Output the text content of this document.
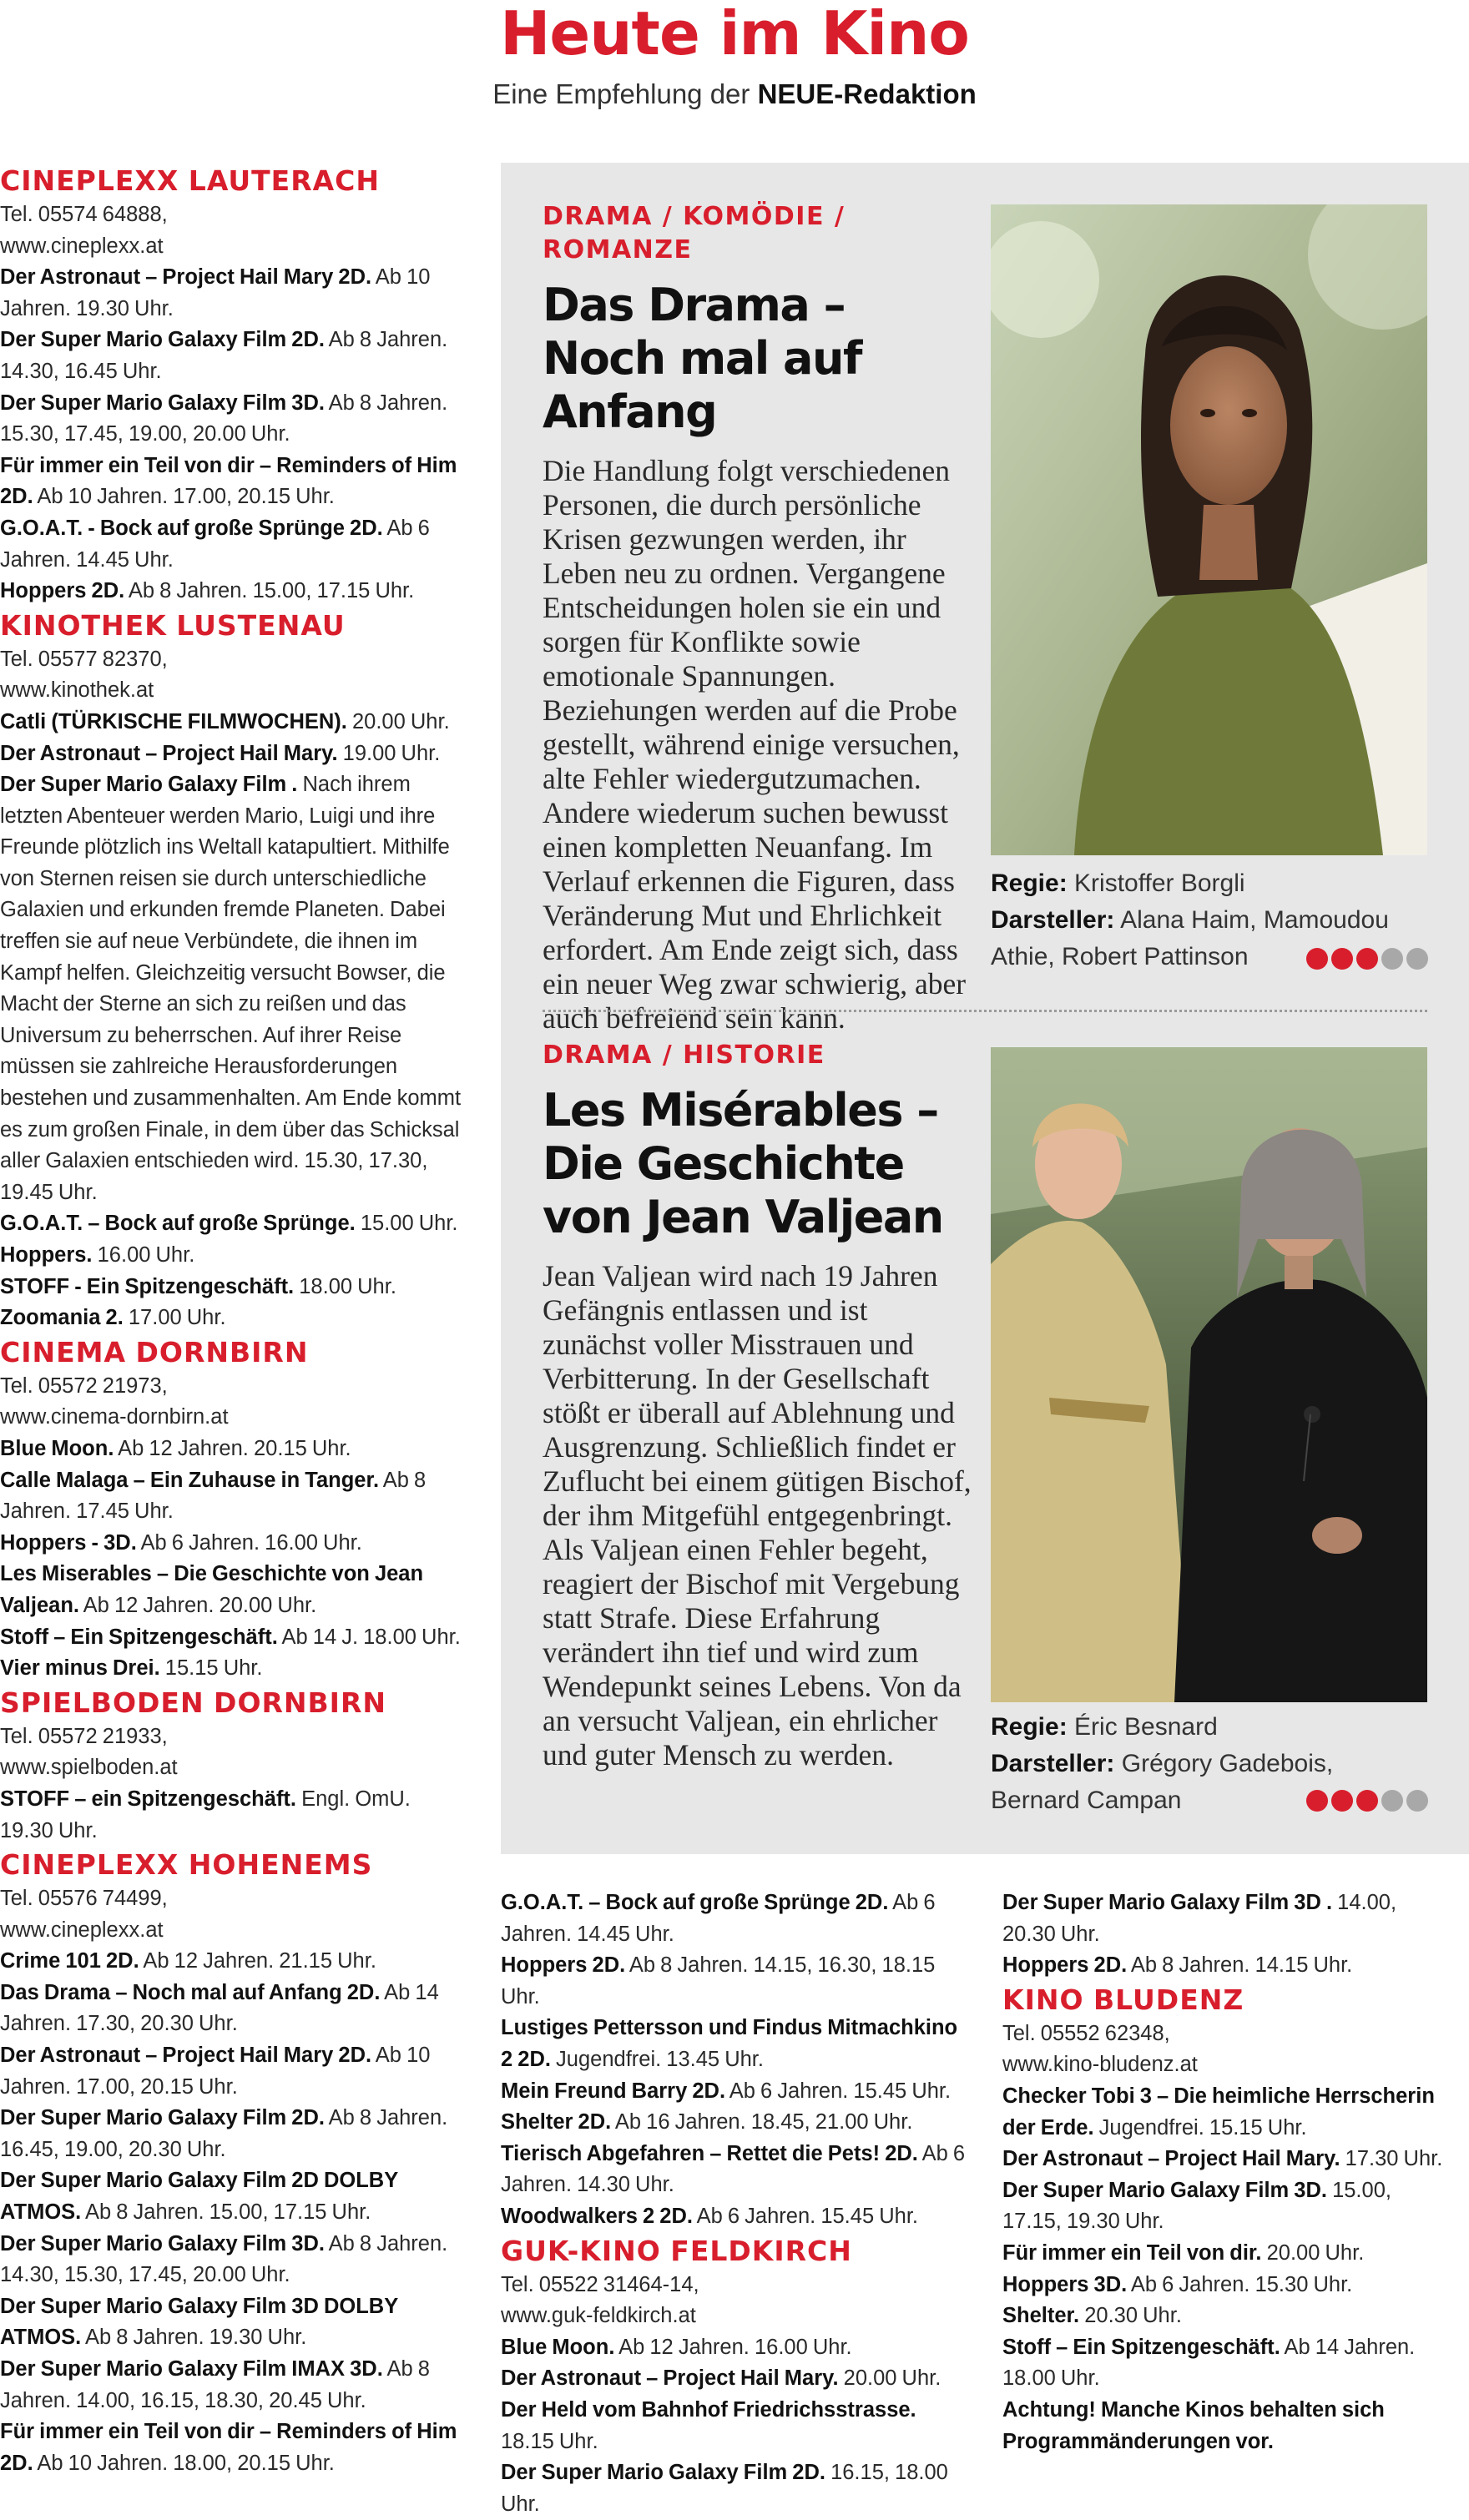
Heute im Kino
Eine Empfehlung der NEUE-Redaktion

CINEPLEXX LAUTERACH

Tel. 05574 64888,

www.cineplexx.at

Der Astronaut – Project Hail Mary 2D. Ab 10 Jahren. 19.30 Uhr.

Der Super Mario Galaxy Film 2D. Ab 8 Jahren. 14.30, 16.45 Uhr.

Der Super Mario Galaxy Film 3D. Ab 8 Jahren. 15.30, 17.45, 19.00, 20.00 Uhr.

Für immer ein Teil von dir – Reminders of Him 2D. Ab 10 Jahren. 17.00, 20.15 Uhr.

G.O.A.T. - Bock auf große Sprünge 2D. Ab 6 Jahren. 14.45 Uhr.

Hoppers 2D. Ab 8 Jahren. 15.00, 17.15 Uhr.

KINOTHEK LUSTENAU

Tel. 05577 82370,

www.kinothek.at

Catli (TÜRKISCHE FILMWOCHEN). 20.00 Uhr.

Der Astronaut – Project Hail Mary. 19.00 Uhr.

Der Super Mario Galaxy Film . Nach ihrem letzten Abenteuer werden Mario, Luigi und ihre Freunde plötzlich ins Weltall katapultiert. Mithilfe von Sternen reisen sie durch unterschiedliche Galaxien und erkunden fremde Planeten. Dabei treffen sie auf neue Verbündete, die ihnen im Kampf helfen. Gleichzeitig versucht Bowser, die Macht der Sterne an sich zu reißen und das Universum zu beherrschen. Auf ihrer Reise müssen sie zahlreiche Herausforderungen bestehen und zusammenhalten. Am Ende kommt es zum großen Finale, in dem über das Schicksal aller Galaxien entschieden wird. 15.30, 17.30, 19.45 Uhr.

G.O.A.T. – Bock auf große Sprünge. 15.00 Uhr.

Hoppers. 16.00 Uhr.

STOFF - Ein Spitzengeschäft. 18.00 Uhr.

Zoomania 2. 17.00 Uhr.

CINEMA DORNBIRN

Tel. 05572 21973,

www.cinema-dornbirn.at

Blue Moon. Ab 12 Jahren. 20.15 Uhr.

Calle Malaga – Ein Zuhause in Tanger. Ab 8 Jahren. 17.45 Uhr.

Hoppers - 3D. Ab 6 Jahren. 16.00 Uhr.

Les Miserables – Die Geschichte von Jean Valjean. Ab 12 Jahren. 20.00 Uhr.

Stoff – Ein Spitzengeschäft. Ab 14 J. 18.00 Uhr.

Vier minus Drei. 15.15 Uhr.

SPIELBODEN DORNBIRN

Tel. 05572 21933,

www.spielboden.at

STOFF – ein Spitzengeschäft. Engl. OmU. 19.30 Uhr.

CINEPLEXX HOHENEMS

Tel. 05576 74499,

www.cineplexx.at

Crime 101 2D. Ab 12 Jahren. 21.15 Uhr.

Das Drama – Noch mal auf Anfang 2D. Ab 14 Jahren. 17.30, 20.30 Uhr.

Der Astronaut – Project Hail Mary 2D. Ab 10 Jahren. 17.00, 20.15 Uhr.

Der Super Mario Galaxy Film 2D. Ab 8 Jahren. 16.45, 19.00, 20.30 Uhr.

Der Super Mario Galaxy Film 2D DOLBY ATMOS. Ab 8 Jahren. 15.00, 17.15 Uhr.

Der Super Mario Galaxy Film 3D. Ab 8 Jahren. 14.30, 15.30, 17.45, 20.00 Uhr.

Der Super Mario Galaxy Film 3D DOLBY ATMOS. Ab 8 Jahren. 19.30 Uhr.

Der Super Mario Galaxy Film IMAX 3D. Ab 8 Jahren. 14.00, 16.15, 18.30, 20.45 Uhr.

Für immer ein Teil von dir – Reminders of Him 2D. Ab 10 Jahren. 18.00, 20.15 Uhr.

DRAMA / KOMÖDIE / ROMANZE
Das Drama – Noch mal auf Anfang
Die Handlung folgt verschiedenen Personen, die durch persönliche Krisen gezwungen werden, ihr Leben neu zu ordnen. Vergangene Entscheidungen holen sie ein und sorgen für Konflikte sowie emotionale Spannungen. Beziehungen werden auf die Probe gestellt, während einige versuchen, alte Fehler wiedergutzumachen. Andere wiederum suchen bewusst einen kompletten Neuanfang. Im Verlauf erkennen die Figuren, dass Veränderung Mut und Ehrlichkeit erfordert. Am Ende zeigt sich, dass ein neuer Weg zwar schwierig, aber auch befreiend sein kann.
Regie: Kristoffer Borgli
Darsteller: Alana Haim, Mamoudou Athie, Robert Pattinson
DRAMA / HISTORIE
Les Misérables – Die Geschichte von Jean Valjean
Jean Valjean wird nach 19 Jahren Gefängnis entlassen und ist zunächst voller Misstrauen und Verbitterung. In der Gesellschaft stößt er überall auf Ablehnung und Ausgrenzung. Schließlich findet er Zuflucht bei einem gütigen Bischof, der ihm Mitgefühl entgegenbringt. Als Valjean einen Fehler begeht, reagiert der Bischof mit Vergebung statt Strafe. Diese Erfahrung verändert ihn tief und wird zum Wendepunkt seines Lebens. Von da an versucht Valjean, ein ehrlicher und guter Mensch zu werden.
Regie: Éric Besnard
Darsteller: Grégory Gadebois, Bernard Campan

G.O.A.T. – Bock auf große Sprünge 2D. Ab 6 Jahren. 14.45 Uhr.

Hoppers 2D. Ab 8 Jahren. 14.15, 16.30, 18.15 Uhr.

Lustiges Pettersson und Findus Mitmachkino 2 2D. Jugendfrei. 13.45 Uhr.

Mein Freund Barry 2D. Ab 6 Jahren. 15.45 Uhr.

Shelter 2D. Ab 16 Jahren. 18.45, 21.00 Uhr.

Tierisch Abgefahren – Rettet die Pets! 2D. Ab 6 Jahren. 14.30 Uhr.

Woodwalkers 2 2D. Ab 6 Jahren. 15.45 Uhr.

GUK-KINO FELDKIRCH

Tel. 05522 31464-14,

www.guk-feldkirch.at

Blue Moon. Ab 12 Jahren. 16.00 Uhr.

Der Astronaut – Project Hail Mary. 20.00 Uhr.

Der Held vom Bahnhof Friedrichsstrasse. 18.15 Uhr.

Der Super Mario Galaxy Film 2D. 16.15, 18.00 Uhr.

Der Super Mario Galaxy Film 3D . 14.00, 20.30 Uhr.

Hoppers 2D. Ab 8 Jahren. 14.15 Uhr.

KINO BLUDENZ

Tel. 05552 62348,

www.kino-bludenz.at

Checker Tobi 3 – Die heimliche Herrscherin der Erde. Jugendfrei. 15.15 Uhr.

Der Astronaut – Project Hail Mary. 17.30 Uhr.

Der Super Mario Galaxy Film 3D. 15.00, 17.15, 19.30 Uhr.

Für immer ein Teil von dir. 20.00 Uhr.

Hoppers 3D. Ab 6 Jahren. 15.30 Uhr.

Shelter. 20.30 Uhr.

Stoff – Ein Spitzengeschäft. Ab 14 Jahren. 18.00 Uhr.

Achtung! Manche Kinos behalten sich Programmänderungen vor.
